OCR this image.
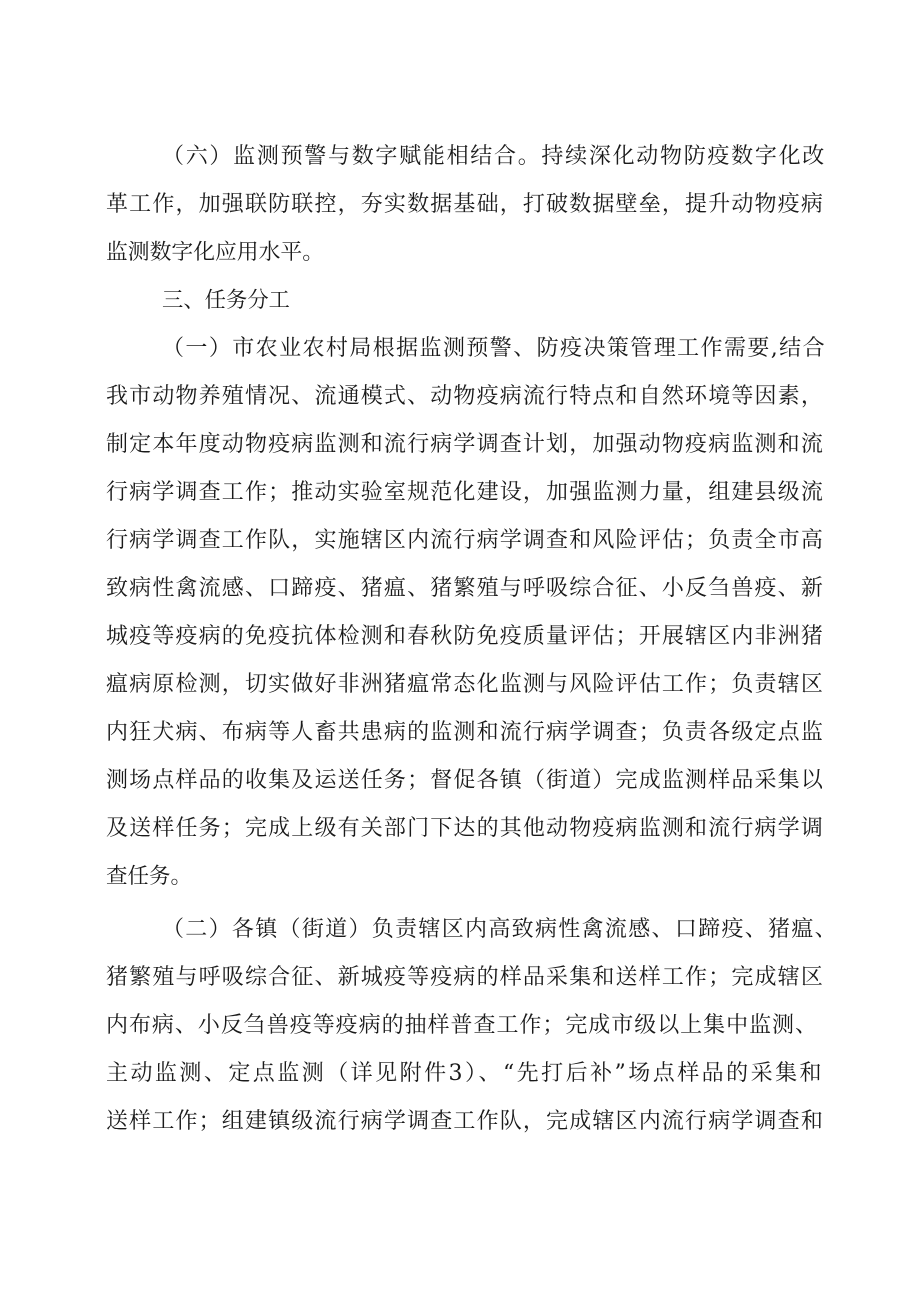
（六）监测预警与数字赋能相结合。持续深化动物防疫数字化改
革工作，加强联防联控，夯实数据基础，打破数据壁垒，提升动物疫病
监测数字化应用水平。
三、任务分工
（一）市农业农村局根据监测预警、防疫决策管理工作需要,结合
我市动物养殖情况、流通模式、动物疫病流行特点和自然环境等因素，
制定本年度动物疫病监测和流行病学调查计划，加强动物疫病监测和流
行病学调查工作；推动实验室规范化建设，加强监测力量，组建县级流
行病学调查工作队，实施辖区内流行病学调查和风险评估；负责全市高
致病性禽流感、口蹄疫、猪瘟、猪繁殖与呼吸综合征、小反刍兽疫、新
城疫等疫病的免疫抗体检测和春秋防免疫质量评估；开展辖区内非洲猪
瘟病原检测，切实做好非洲猪瘟常态化监测与风险评估工作；负责辖区
内狂犬病、布病等人畜共患病的监测和流行病学调查；负责各级定点监
测场点样品的收集及运送任务；督促各镇（街道）完成监测样品采集以
及送样任务；完成上级有关部门下达的其他动物疫病监测和流行病学调
查任务。
（二）各镇（街道）负责辖区内高致病性禽流感、口蹄疫、猪瘟、
猪繁殖与呼吸综合征、新城疫等疫病的样品采集和送样工作；完成辖区
内布病、小反刍兽疫等疫病的抽样普查工作；完成市级以上集中监测、
主动监测、定点监测（详见附件3）、“先打后补”场点样品的采集和
送样工作；组建镇级流行病学调查工作队，完成辖区内流行病学调查和
